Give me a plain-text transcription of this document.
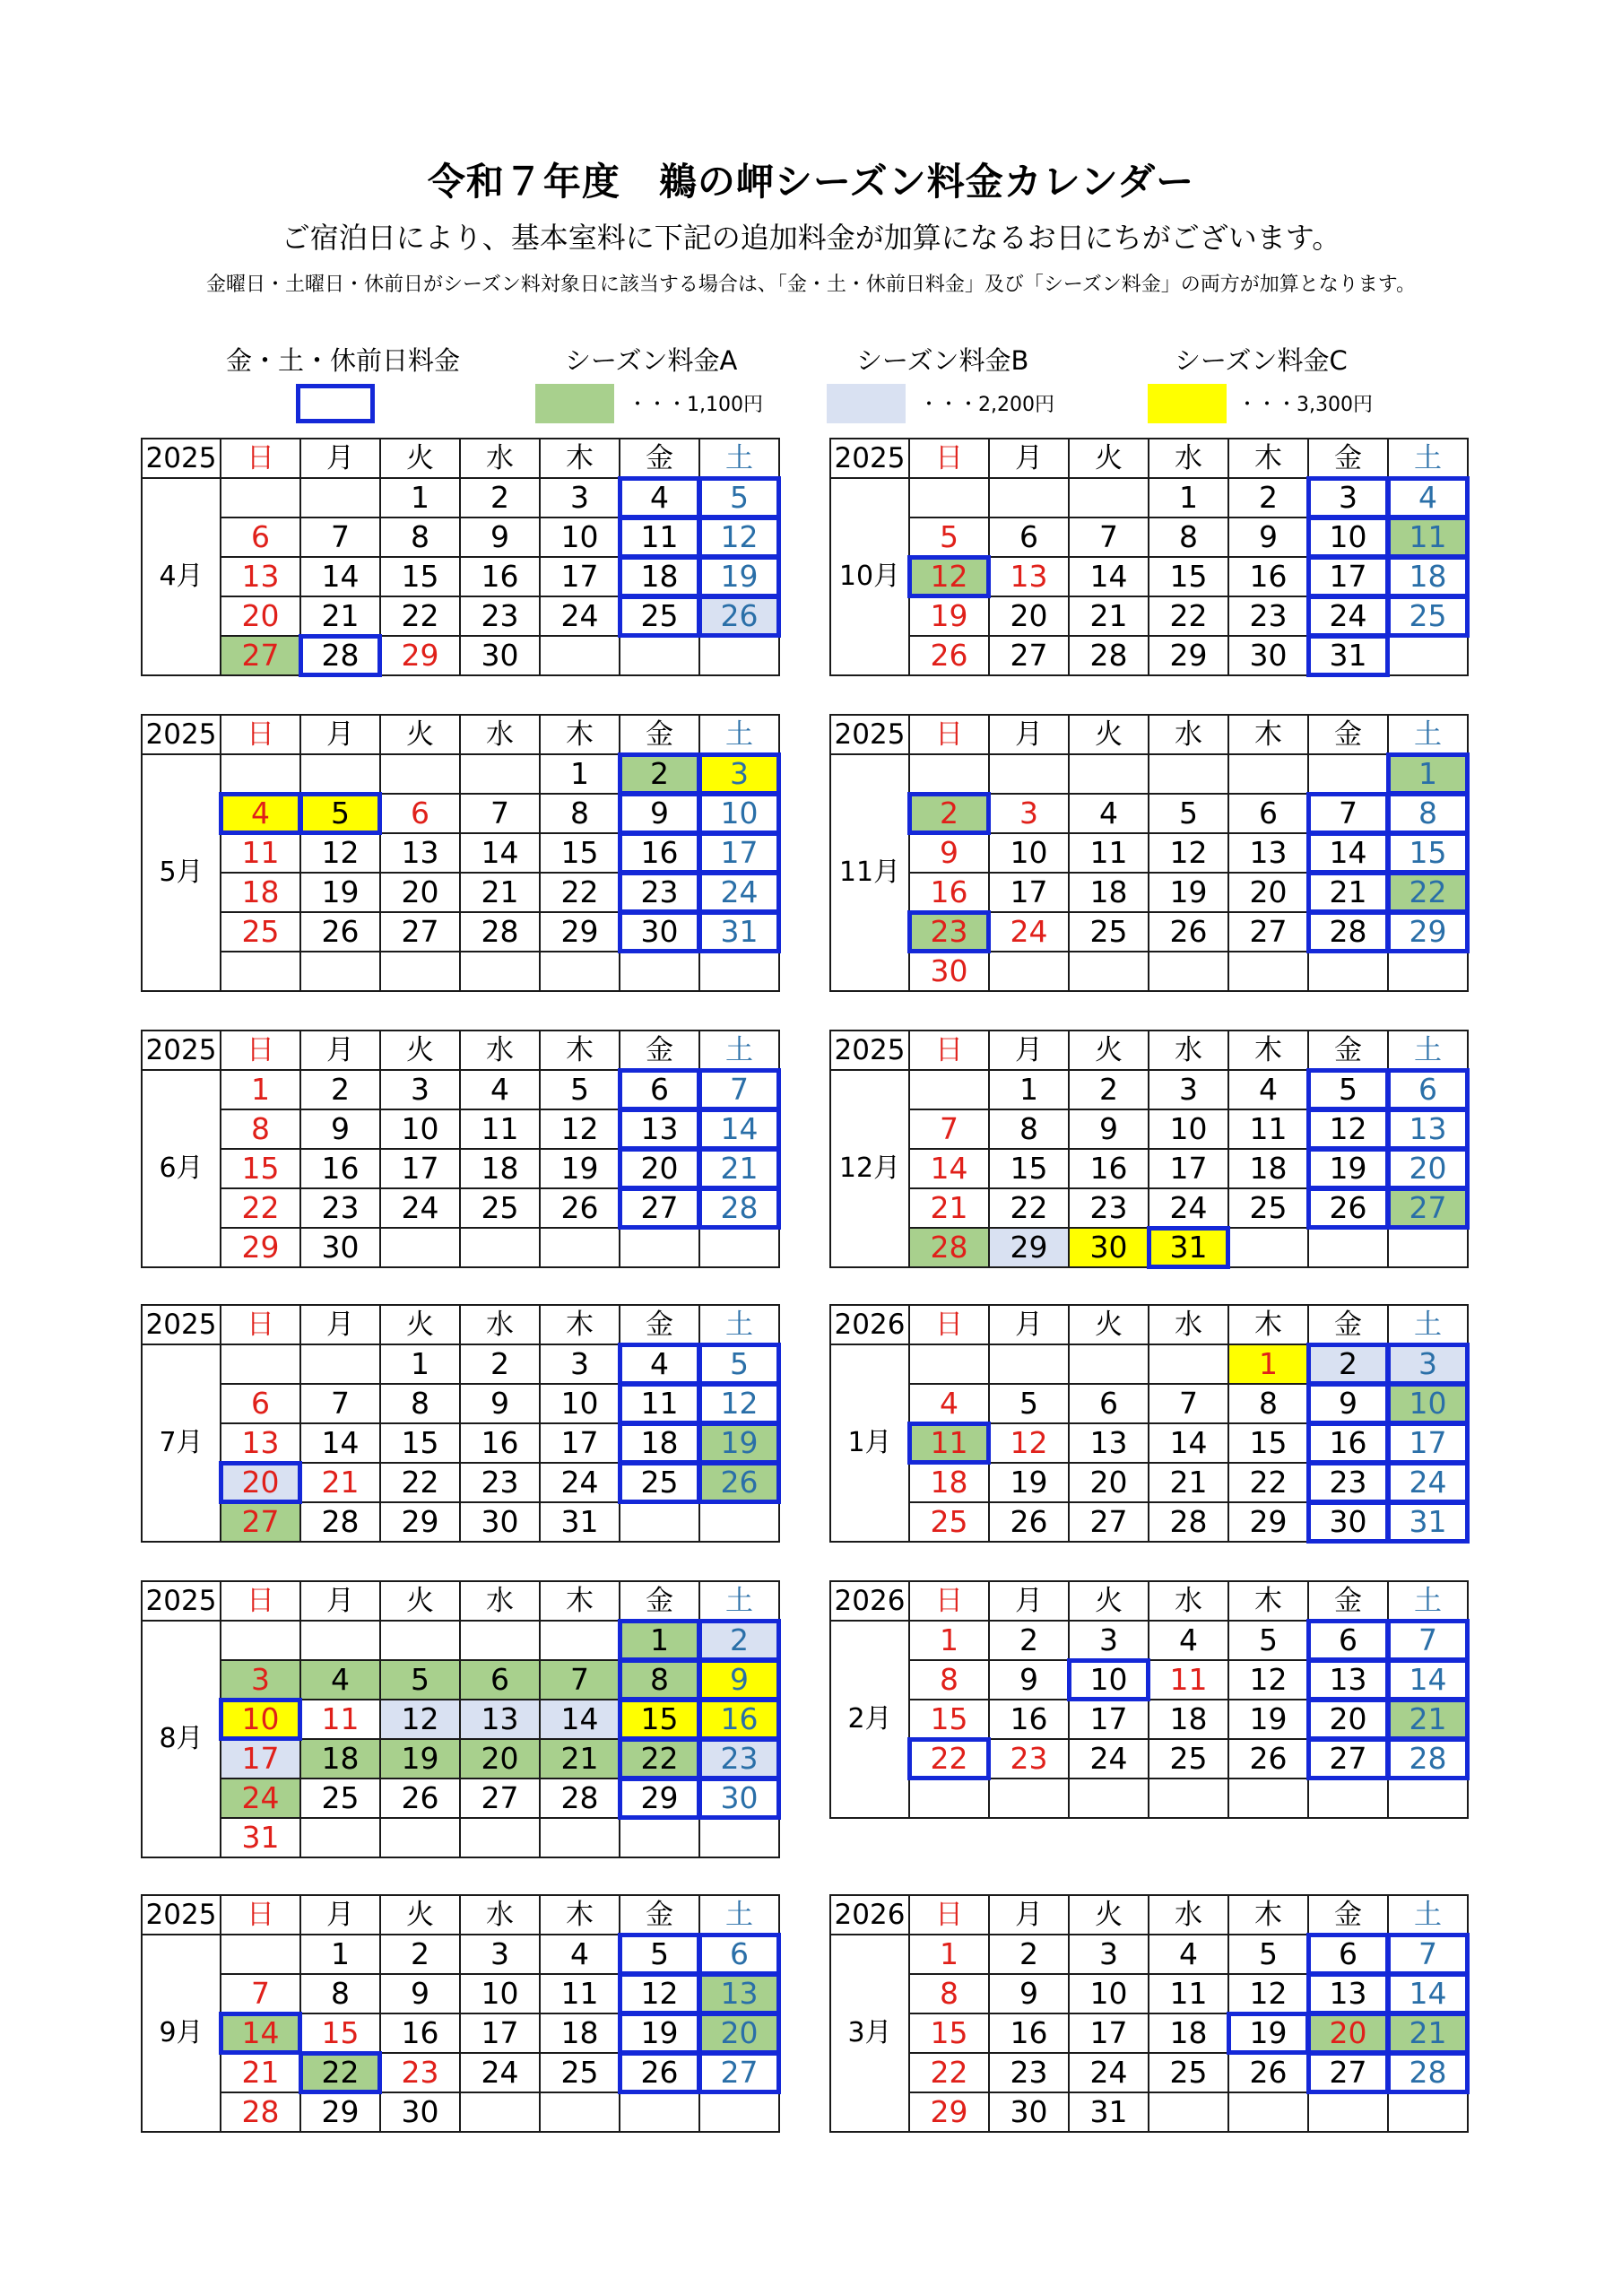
令和７年度　鵜の岬シーズン料金カレンダー
ご宿泊日により、基本室料に下記の追加料金が加算になるお日にちがございます。
金曜日・土曜日・休前日がシーズン料対象日に該当する場合は、「金・土・休前日料金」及び「シーズン料金」の両方が加算となります。
金・土・休前日料金	シーズン料金A
・・・1,100円
シーズン料金B
・・・2,200円
シーズン料金C
・・・3,300円
2025	日	月	火	水	木	金	土
4月			1	2	3	4	5
	6	7	8	9	10	11	12
	13	14	15	16	17	18	19
	20	21	22	23	24	25	26
	27	28	29	30			
2025	日	月	火	水	木	金	土
10月				1	2	3	4
	5	6	7	8	9	10	11
	12	13	14	15	16	17	18
	19	20	21	22	23	24	25
	26	27	28	29	30	31	
2025	日	月	火	水	木	金	土
5月					1	2	3
	4	5	6	7	8	9	10
	11	12	13	14	15	16	17
	18	19	20	21	22	23	24
	25	26	27	28	29	30	31

2025	日	月	火	水	木	金	土
11月							1
	2	3	4	5	6	7	8
	9	10	11	12	13	14	15
	16	17	18	19	20	21	22
	23	24	25	26	27	28	29
	30						
2025	日	月	火	水	木	金	土
6月	1	2	3	4	5	6	7
	8	9	10	11	12	13	14
	15	16	17	18	19	20	21
	22	23	24	25	26	27	28
	29	30					
2025	日	月	火	水	木	金	土
12月		1	2	3	4	5	6
	7	8	9	10	11	12	13
	14	15	16	17	18	19	20
	21	22	23	24	25	26	27
	28	29	30	31			
2025	日	月	火	水	木	金	土
7月			1	2	3	4	5
	6	7	8	9	10	11	12
	13	14	15	16	17	18	19
	20	21	22	23	24	25	26
	27	28	29	30	31		
2026	日	月	火	水	木	金	土
1月					1	2	3
	4	5	6	7	8	9	10
	11	12	13	14	15	16	17
	18	19	20	21	22	23	24
	25	26	27	28	29	30	31
2025	日	月	火	水	木	金	土
8月						1	2
	3	4	5	6	7	8	9
	10	11	12	13	14	15	16
	17	18	19	20	21	22	23
	24	25	26	27	28	29	30
	31						
2026	日	月	火	水	木	金	土
2月	1	2	3	4	5	6	7
	8	9	10	11	12	13	14
	15	16	17	18	19	20	21
	22	23	24	25	26	27	28

2025	日	月	火	水	木	金	土
9月		1	2	3	4	5	6
	7	8	9	10	11	12	13
	14	15	16	17	18	19	20
	21	22	23	24	25	26	27
	28	29	30				
2026	日	月	火	水	木	金	土
3月	1	2	3	4	5	6	7
	8	9	10	11	12	13	14
	15	16	17	18	19	20	21
	22	23	24	25	26	27	28
	29	30	31				
